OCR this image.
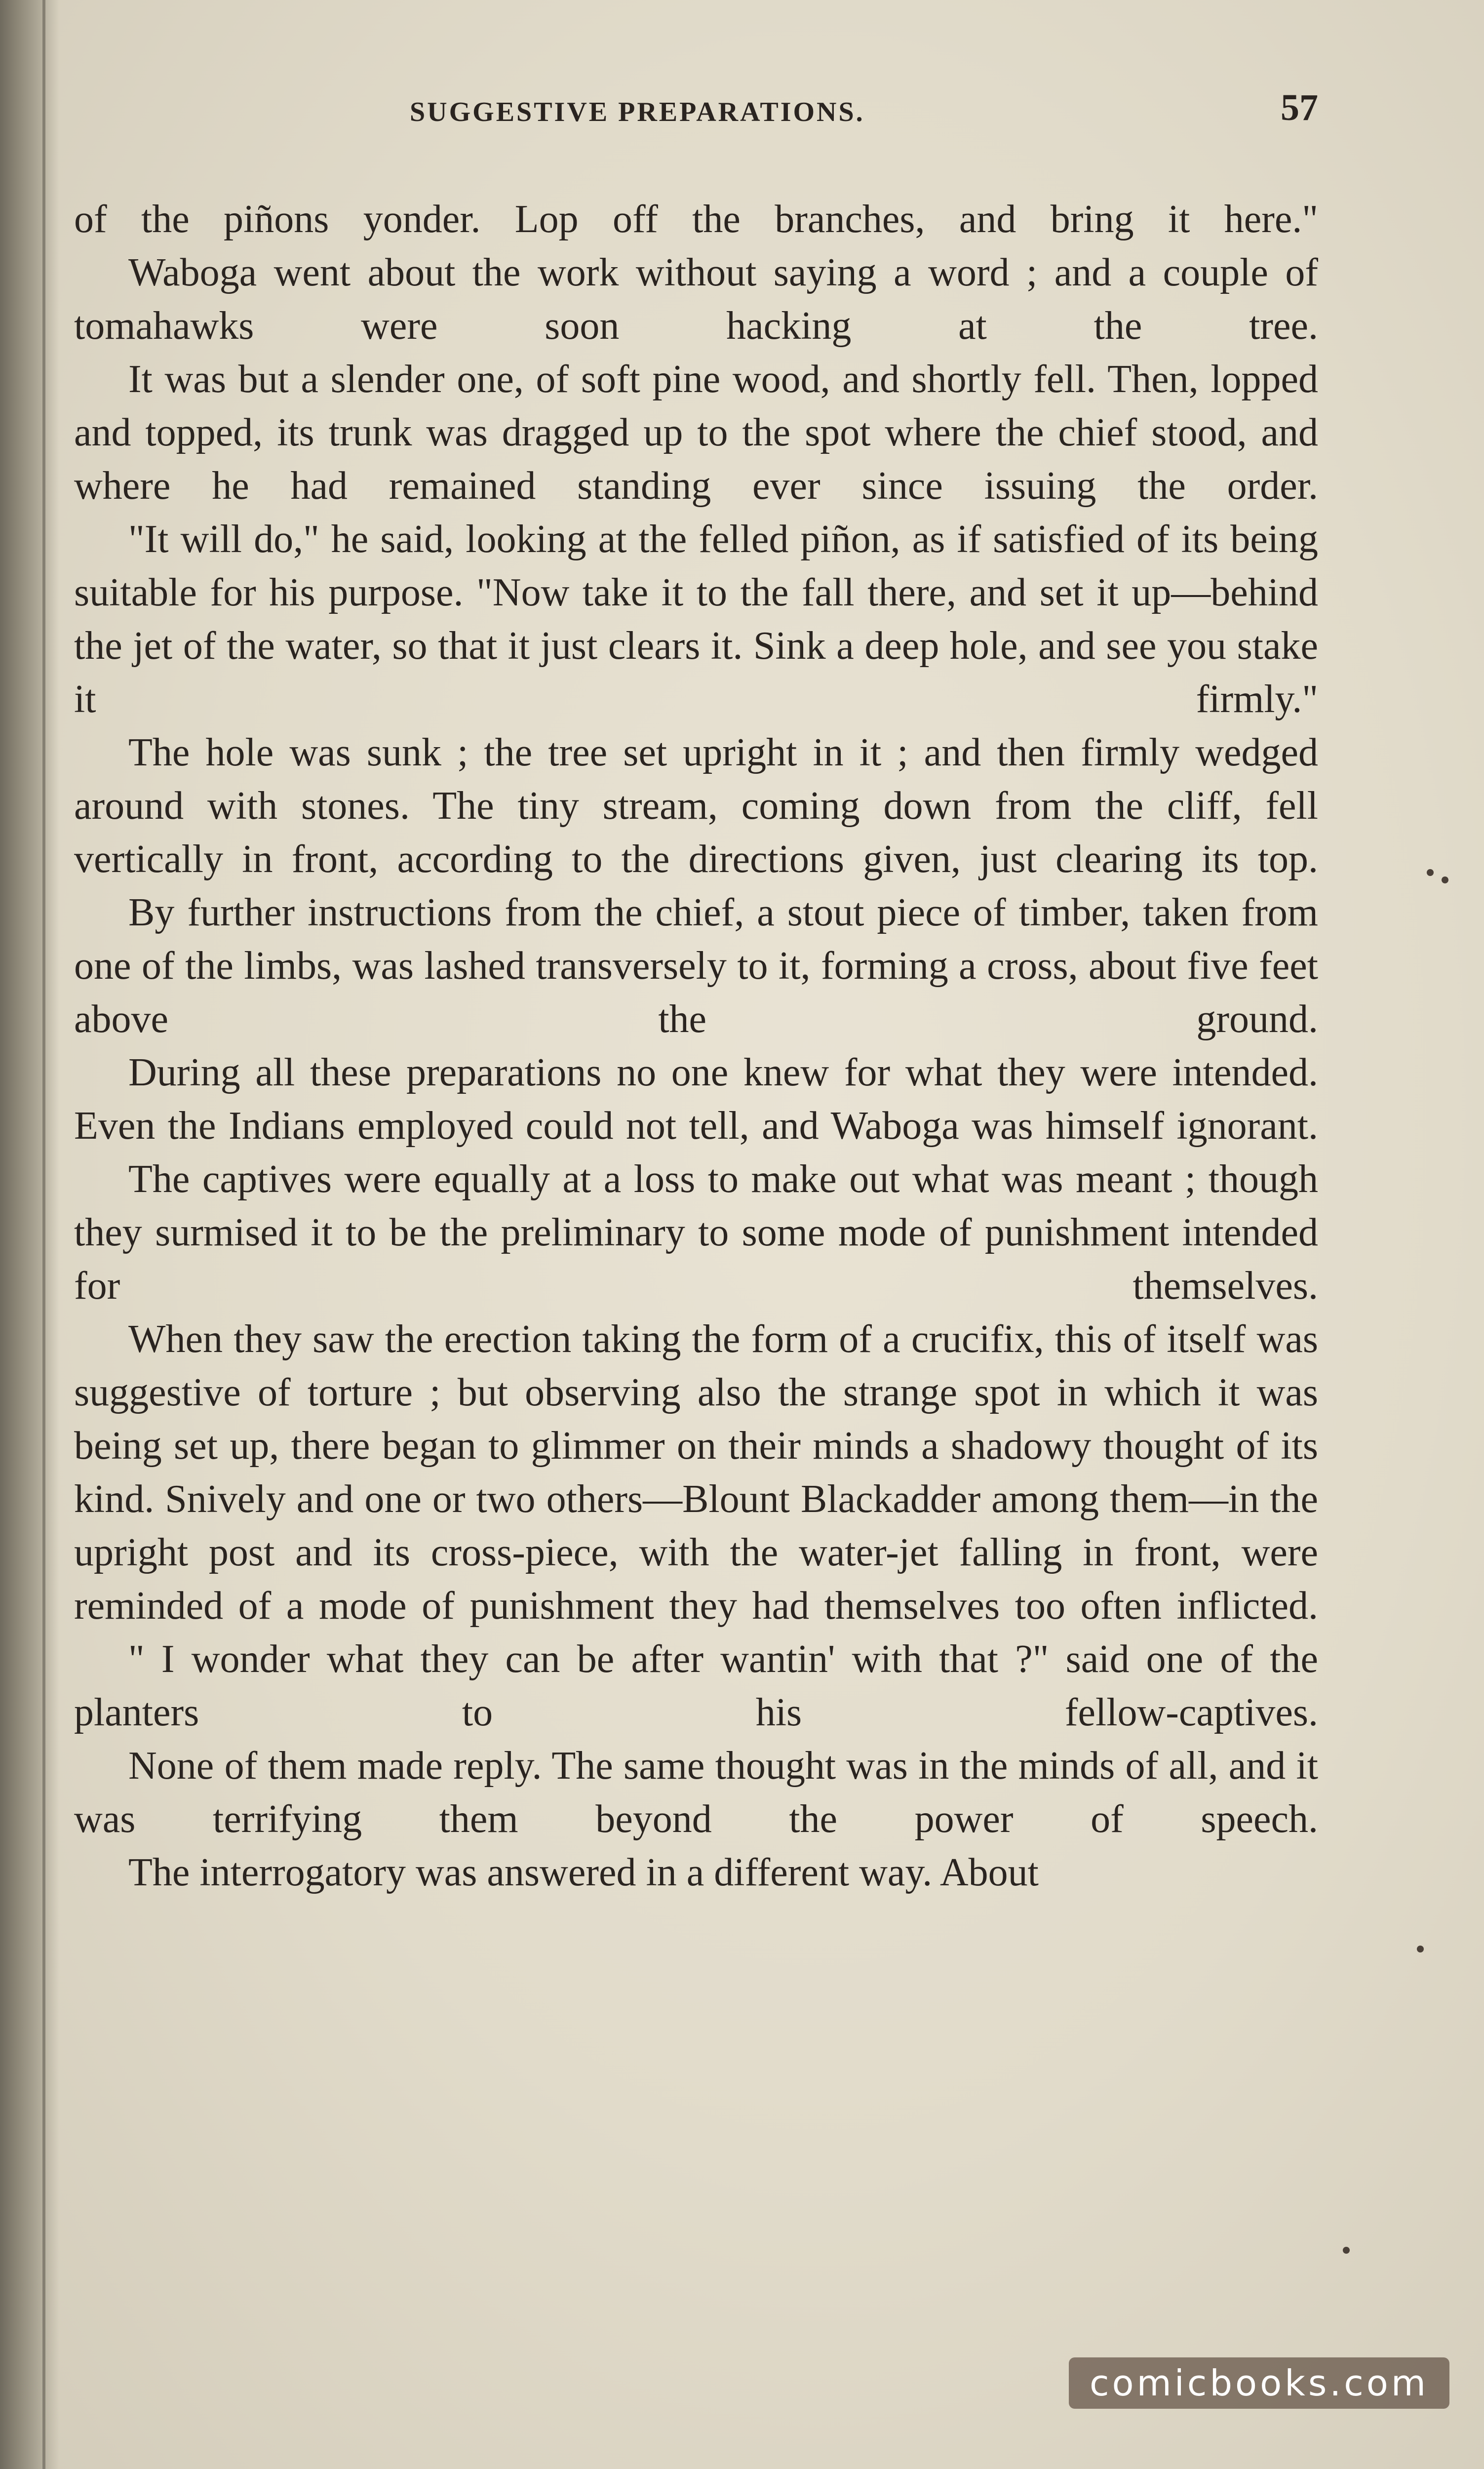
SUGGESTIVE PREPARATIONS.	57

of the piñons yonder. Lop off the branches, and bring it here."

Waboga went about the work without saying a word ; and a couple of tomahawks were soon hacking at the tree.

It was but a slender one, of soft pine wood, and shortly fell. Then, lopped and topped, its trunk was dragged up to the spot where the chief stood, and where he had remained standing ever since issuing the order.

"It will do," he said, looking at the felled piñon, as if satisfied of its being suitable for his purpose. "Now take it to the fall there, and set it up—behind the jet of the water, so that it just clears it. Sink a deep hole, and see you stake it firmly."

The hole was sunk ; the tree set upright in it ; and then firmly wedged around with stones. The tiny stream, coming down from the cliff, fell vertically in front, according to the directions given, just clearing its top.

By further instructions from the chief, a stout piece of timber, taken from one of the limbs, was lashed transversely to it, forming a cross, about five feet above the ground.

During all these preparations no one knew for what they were intended. Even the Indians employed could not tell, and Waboga was himself ignorant.

The captives were equally at a loss to make out what was meant ; though they surmised it to be the preliminary to some mode of punishment intended for themselves.

When they saw the erection taking the form of a crucifix, this of itself was suggestive of torture ; but observing also the strange spot in which it was being set up, there began to glimmer on their minds a shadowy thought of its kind. Snively and one or two others—Blount Blackadder among them—in the upright post and its cross-piece, with the water-jet falling in front, were reminded of a mode of punishment they had themselves too often inflicted.

" I wonder what they can be after wantin' with that ?" said one of the planters to his fellow-captives.

None of them made reply. The same thought was in the minds of all, and it was terrifying them beyond the power of speech.

The interrogatory was answered in a different way. About

comicbooks.com
